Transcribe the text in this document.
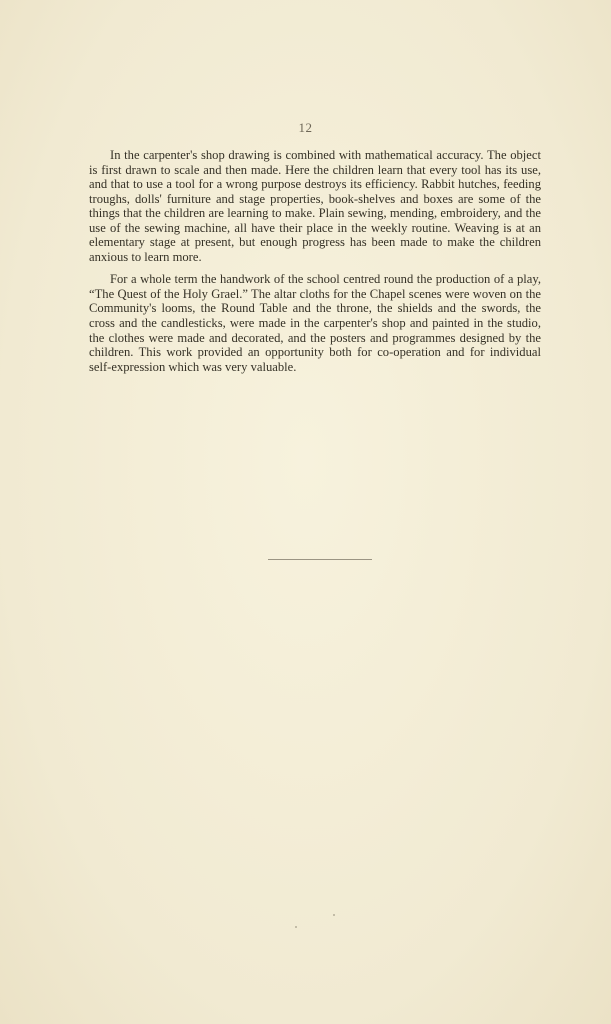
12

In the carpenter's shop drawing is combined with mathematical accuracy. The object is first drawn to scale and then made. Here the children learn that every tool has its use, and that to use a tool for a wrong purpose destroys its efficiency. Rabbit hutches, feeding troughs, dolls' furniture and stage properties, book-shelves and boxes are some of the things that the children are learning to make. Plain sewing, mending, embroidery, and the use of the sewing machine, all have their place in the weekly routine. Weaving is at an elementary stage at present, but enough progress has been made to make the children anxious to learn more.

For a whole term the handwork of the school centred round the production of a play, “The Quest of the Holy Grael.” The altar cloths for the Chapel scenes were woven on the Community's looms, the Round Table and the throne, the shields and the swords, the cross and the candlesticks, were made in the carpenter's shop and painted in the studio, the clothes were made and decorated, and the posters and programmes designed by the children. This work provided an opportunity both for co-operation and for individual self-expression which was very valuable.
